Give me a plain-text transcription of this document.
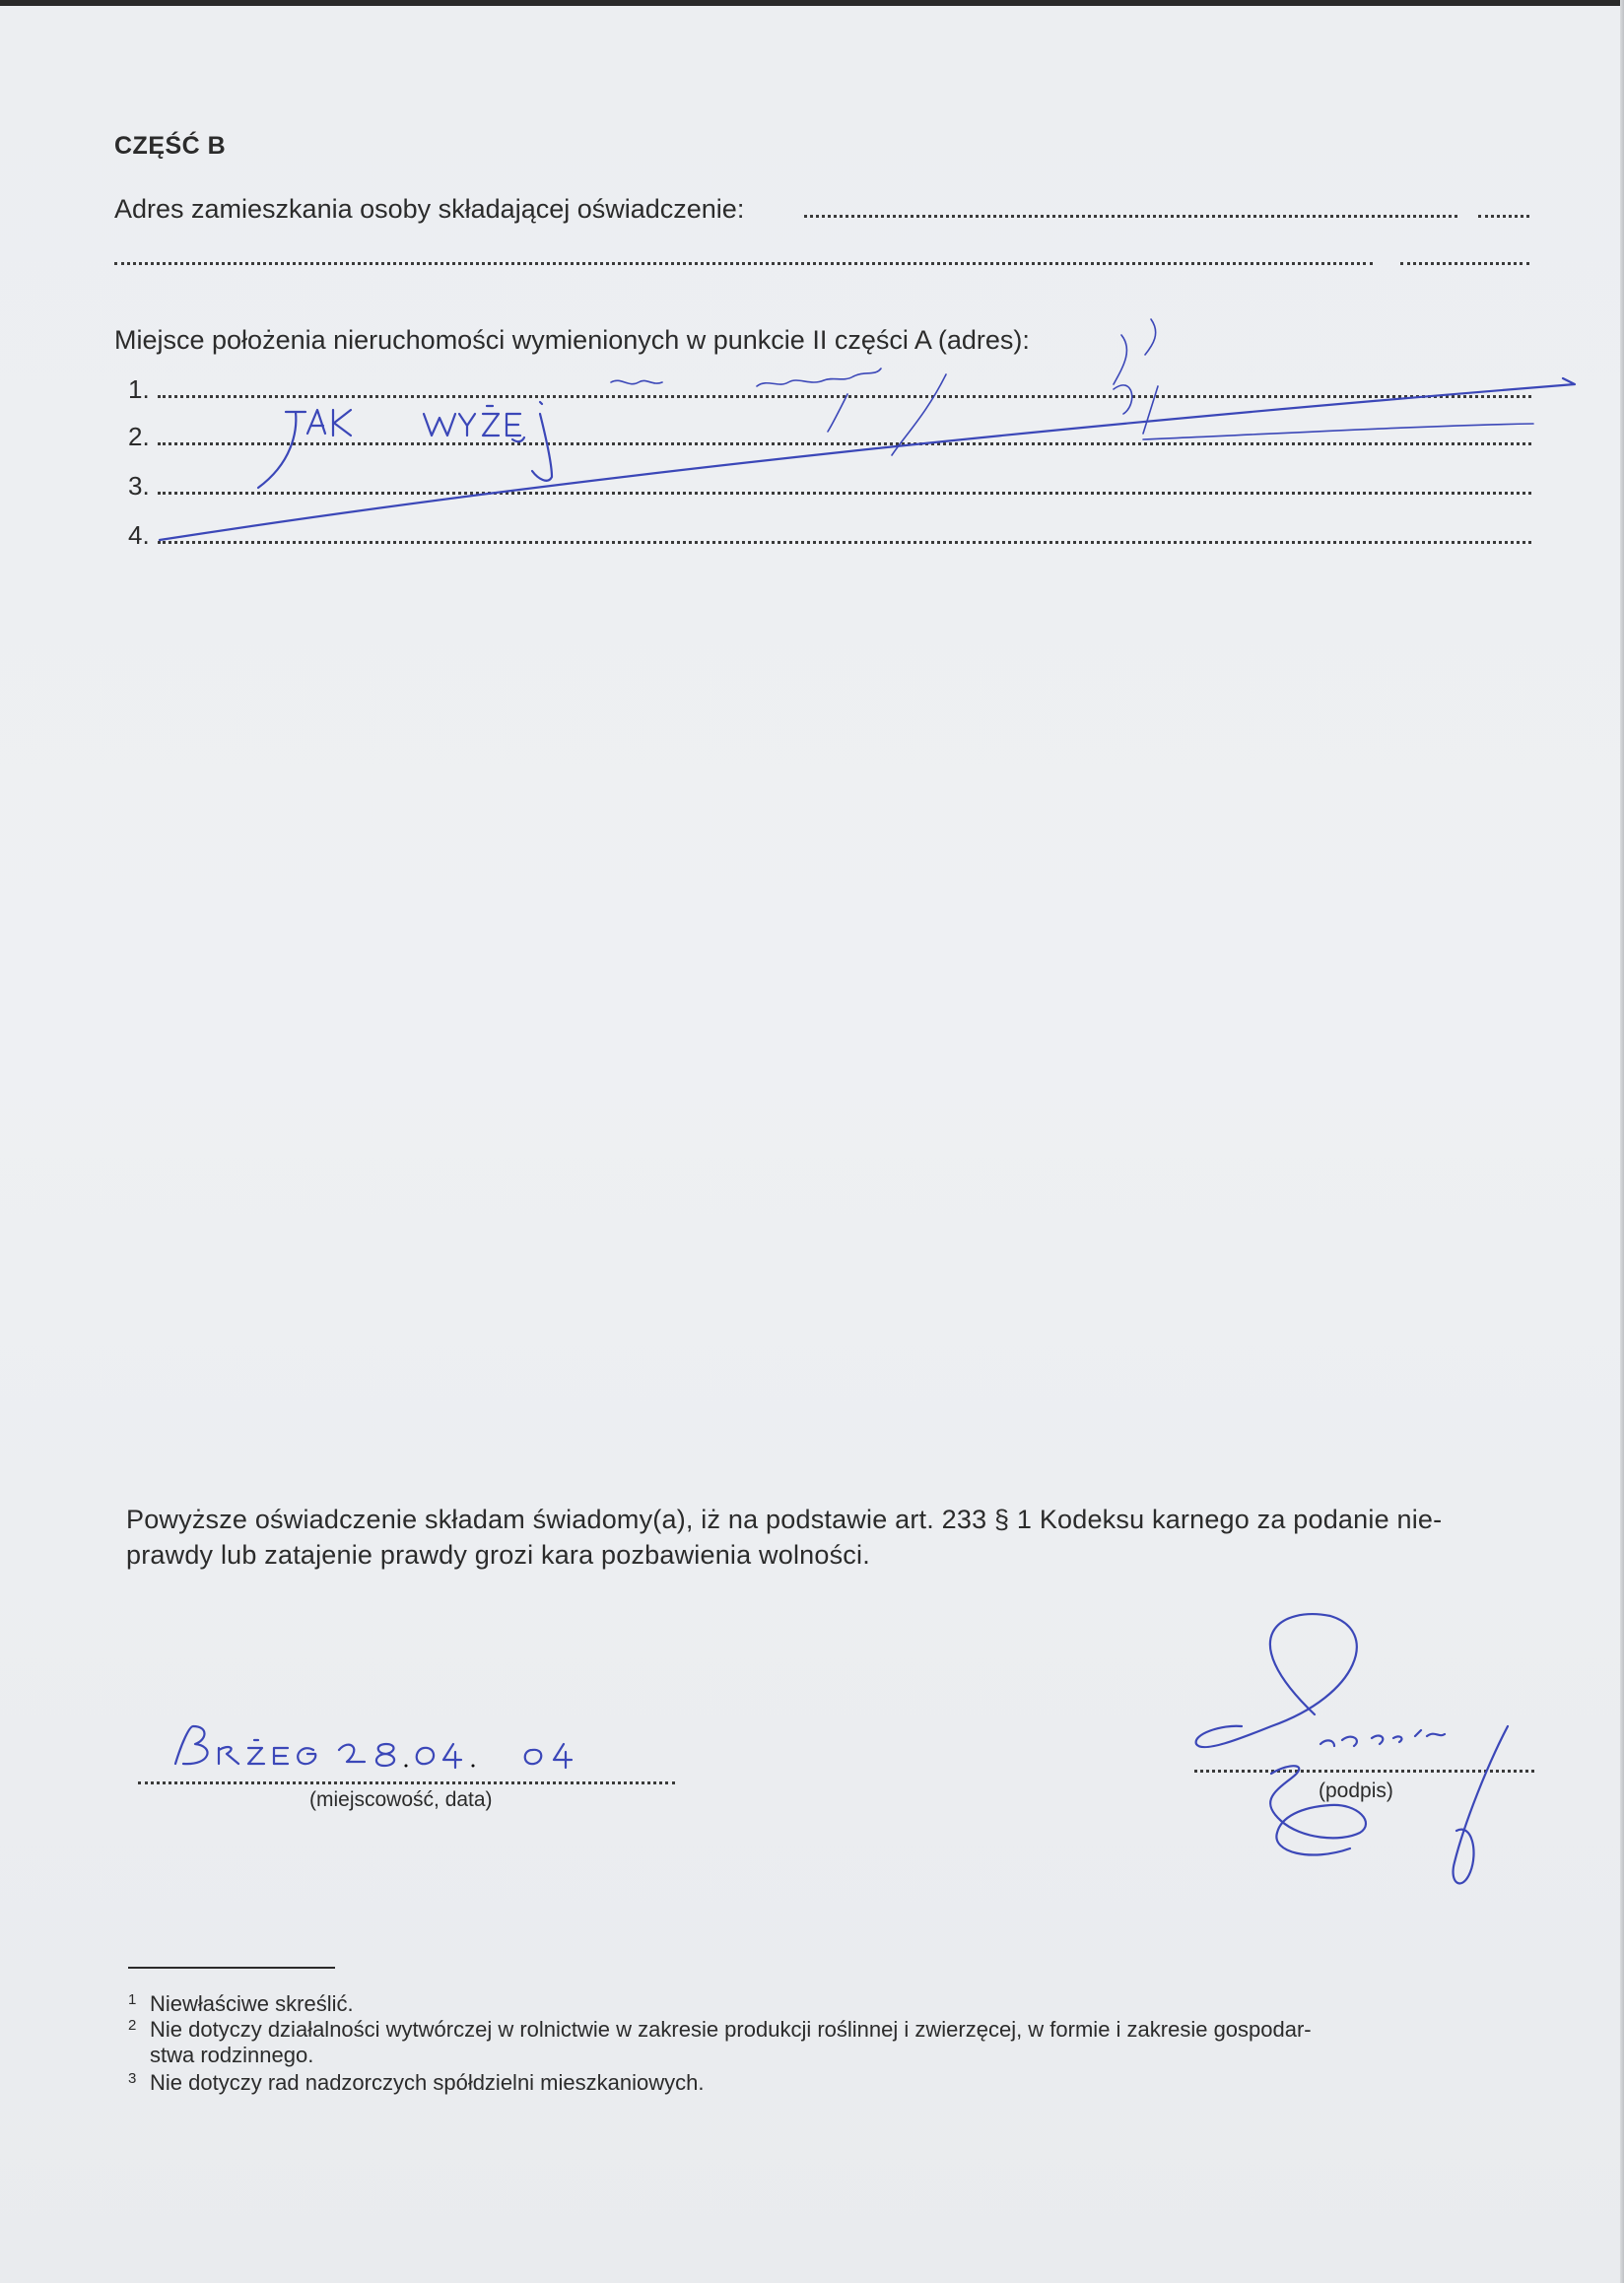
CZĘŚĆ B
Adres zamieszkania osoby składającej oświadczenie:
Miejsce położenia nieruchomości wymienionych w punkcie II części A (adres):
1.
2.
3.
4.
Powyższe oświadczenie składam świadomy(a), iż na podstawie art. 233 § 1 Kodeksu karnego za podanie nie-
prawdy lub zatajenie prawdy grozi kara pozbawienia wolności.
(miejscowość, data)	(podpis)
1 Niewłaściwe skreślić.
2 Nie dotyczy działalności wytwórczej w rolnictwie w zakresie produkcji roślinnej i zwierzęcej, w formie i zakresie gospodar-
stwa rodzinnego.
3 Nie dotyczy rad nadzorczych spółdzielni mieszkaniowych.
